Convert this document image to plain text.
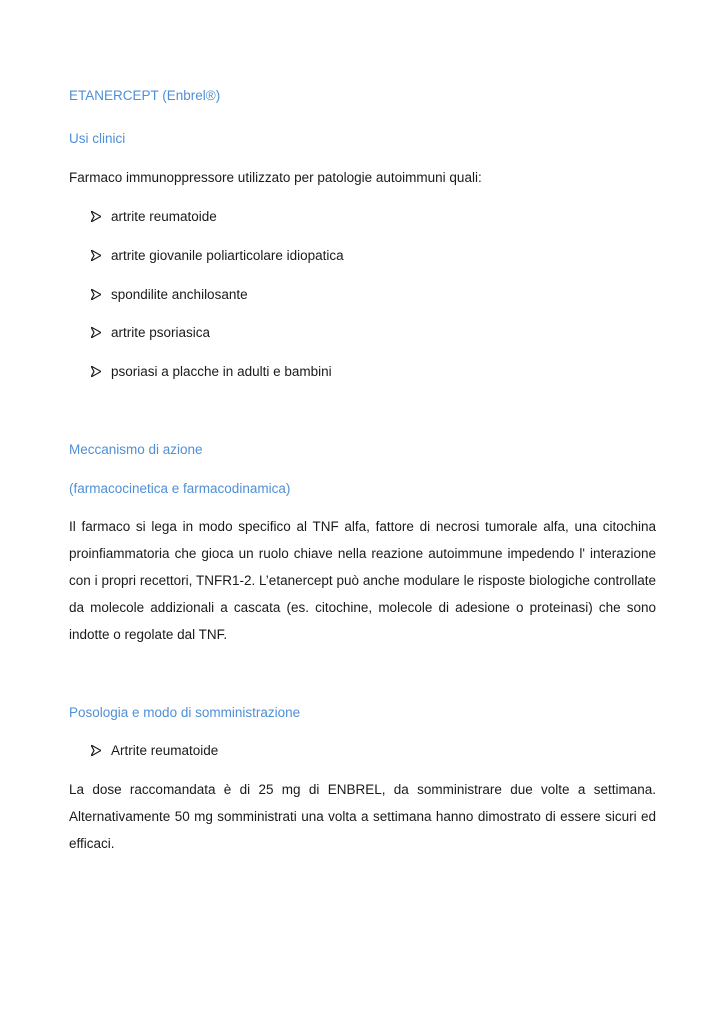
ETANERCEPT (Enbrel®)
Usi clinici
Farmaco immunoppressore utilizzato per patologie autoimmuni quali:
artrite reumatoide
artrite giovanile poliarticolare idiopatica
spondilite anchilosante
artrite psoriasica
psoriasi a placche in adulti e bambini
Meccanismo di azione
(farmacocinetica e farmacodinamica)
Il farmaco si lega in modo specifico al TNF alfa, fattore di necrosi tumorale alfa, una citochina
proinfiammatoria che gioca un ruolo chiave nella reazione autoimmune impedendo l' interazione
con i propri recettori, TNFR1-2. L’etanercept può anche modulare le risposte biologiche controllate
da molecole addizionali a cascata (es. citochine, molecole di adesione o proteinasi) che sono
indotte o regolate dal TNF.
Posologia e modo di somministrazione
Artrite reumatoide
La dose raccomandata è di 25 mg di ENBREL, da somministrare due volte a settimana.
Alternativamente 50 mg somministrati una volta a settimana hanno dimostrato di essere sicuri ed
efficaci.
